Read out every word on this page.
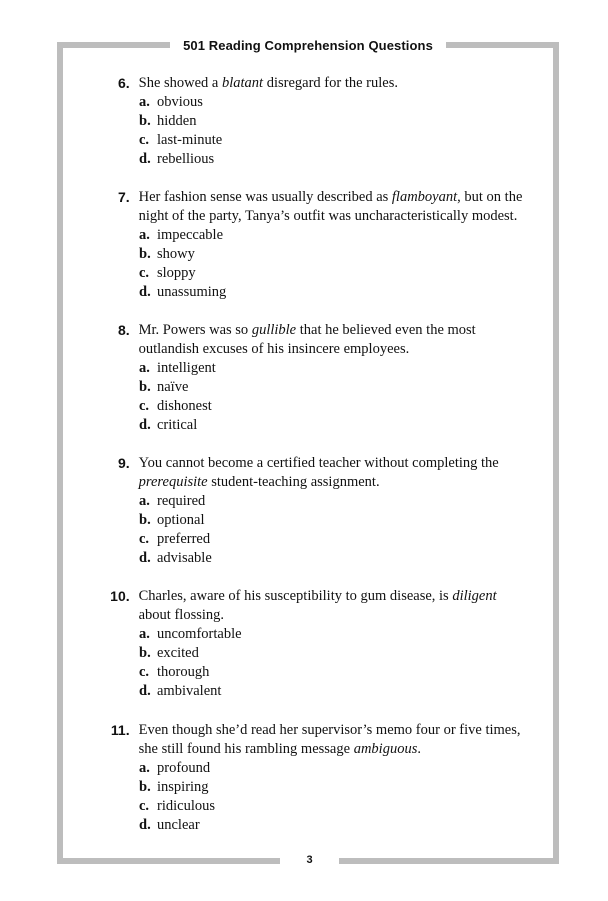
501 Reading Comprehension Questions
3
6. She showed a blatant disregard for the rules.
a. obvious
b. hidden
c. last-minute
d. rebellious
7. Her fashion sense was usually described as flamboyant, but on the night of the party, Tanya’s outfit was uncharacteristically modest.
a. impeccable
b. showy
c. sloppy
d. unassuming
8. Mr. Powers was so gullible that he believed even the most outlandish excuses of his insincere employees.
a. intelligent
b. naïve
c. dishonest
d. critical
9. You cannot become a certified teacher without completing the prerequisite student-teaching assignment.
a. required
b. optional
c. preferred
d. advisable
10. Charles, aware of his susceptibility to gum disease, is diligent about flossing.
a. uncomfortable
b. excited
c. thorough
d. ambivalent
11. Even though she’d read her supervisor’s memo four or five times, she still found his rambling message ambiguous.
a. profound
b. inspiring
c. ridiculous
d. unclear
